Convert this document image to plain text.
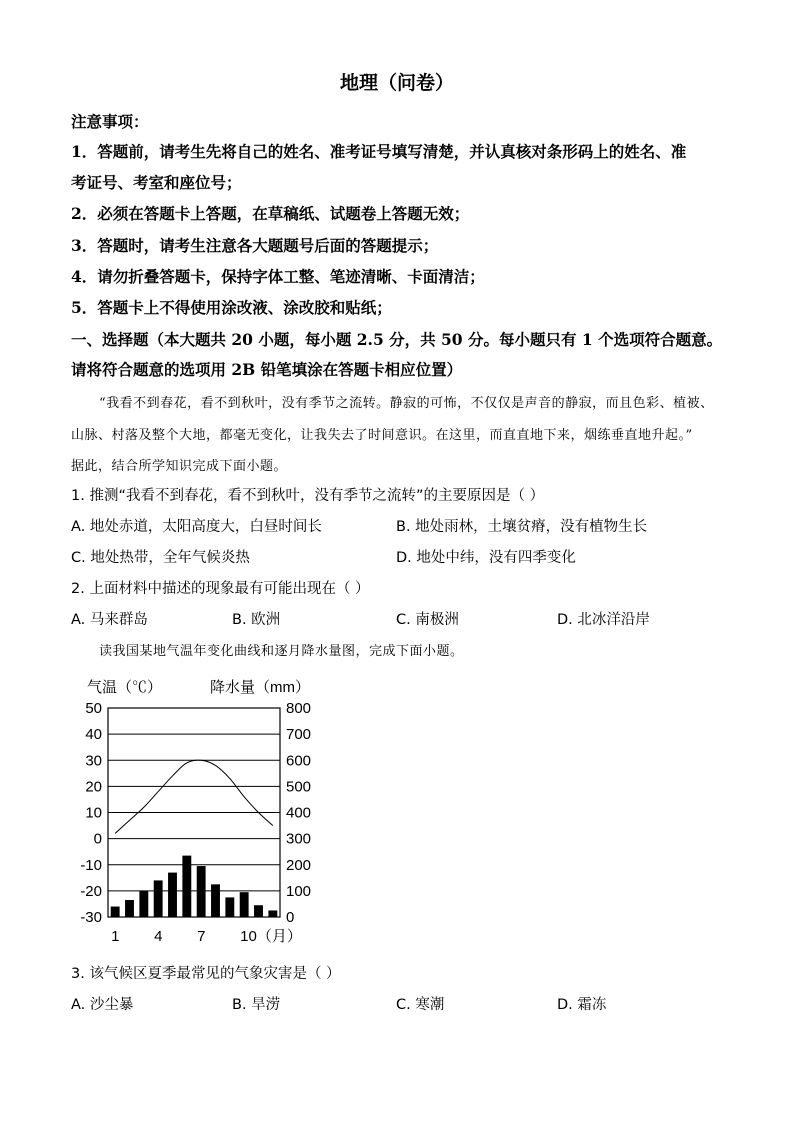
地理（问卷）
注意事项：
1．答题前，请考生先将自己的姓名、准考证号填写清楚，并认真核对条形码上的姓名、准
考证号、考室和座位号；
2．必须在答题卡上答题，在草稿纸、试题卷上答题无效；
3．答题时，请考生注意各大题题号后面的答题提示；
4．请勿折叠答题卡，保持字体工整、笔迹清晰、卡面清洁；
5．答题卡上不得使用涂改液、涂改胶和贴纸；
一、选择题（本大题共 20 小题，每小题 2.5 分，共 50 分。每小题只有 1 个选项符合题意。
请将符合题意的选项用 2B 铅笔填涂在答题卡相应位置）
“我看不到春花，看不到秋叶，没有季节之流转。静寂的可怖，不仅仅是声音的静寂，而且色彩、植被、
山脉、村落及整个大地，都毫无变化，让我失去了时间意识。在这里，而直直地下来，烟练垂直地升起。”
据此，结合所学知识完成下面小题。
1. 推测“我看不到春花，看不到秋叶，没有季节之流转”的主要原因是（ ）
A. 地处赤道，太阳高度大，白昼时间长	B. 地处雨林，土壤贫瘠，没有植物生长
C. 地处热带，全年气候炎热	D. 地处中纬，没有四季变化
2. 上面材料中描述的现象最有可能出现在（ ）
A. 马来群岛	B. 欧洲	C. 南极洲	D. 北冰洋沿岸
读我国某地气温年变化曲线和逐月降水量图，完成下面小题。
气温（℃）	降水量（mm）
50
40
30
20
10
0
-10
-20
-30
800
700
600
500
400
300
200
100
0
1 4 7 10（月）
3. 该气候区夏季最常见的气象灾害是（ ）
A. 沙尘暴	B. 旱涝	C. 寒潮	D. 霜冻
